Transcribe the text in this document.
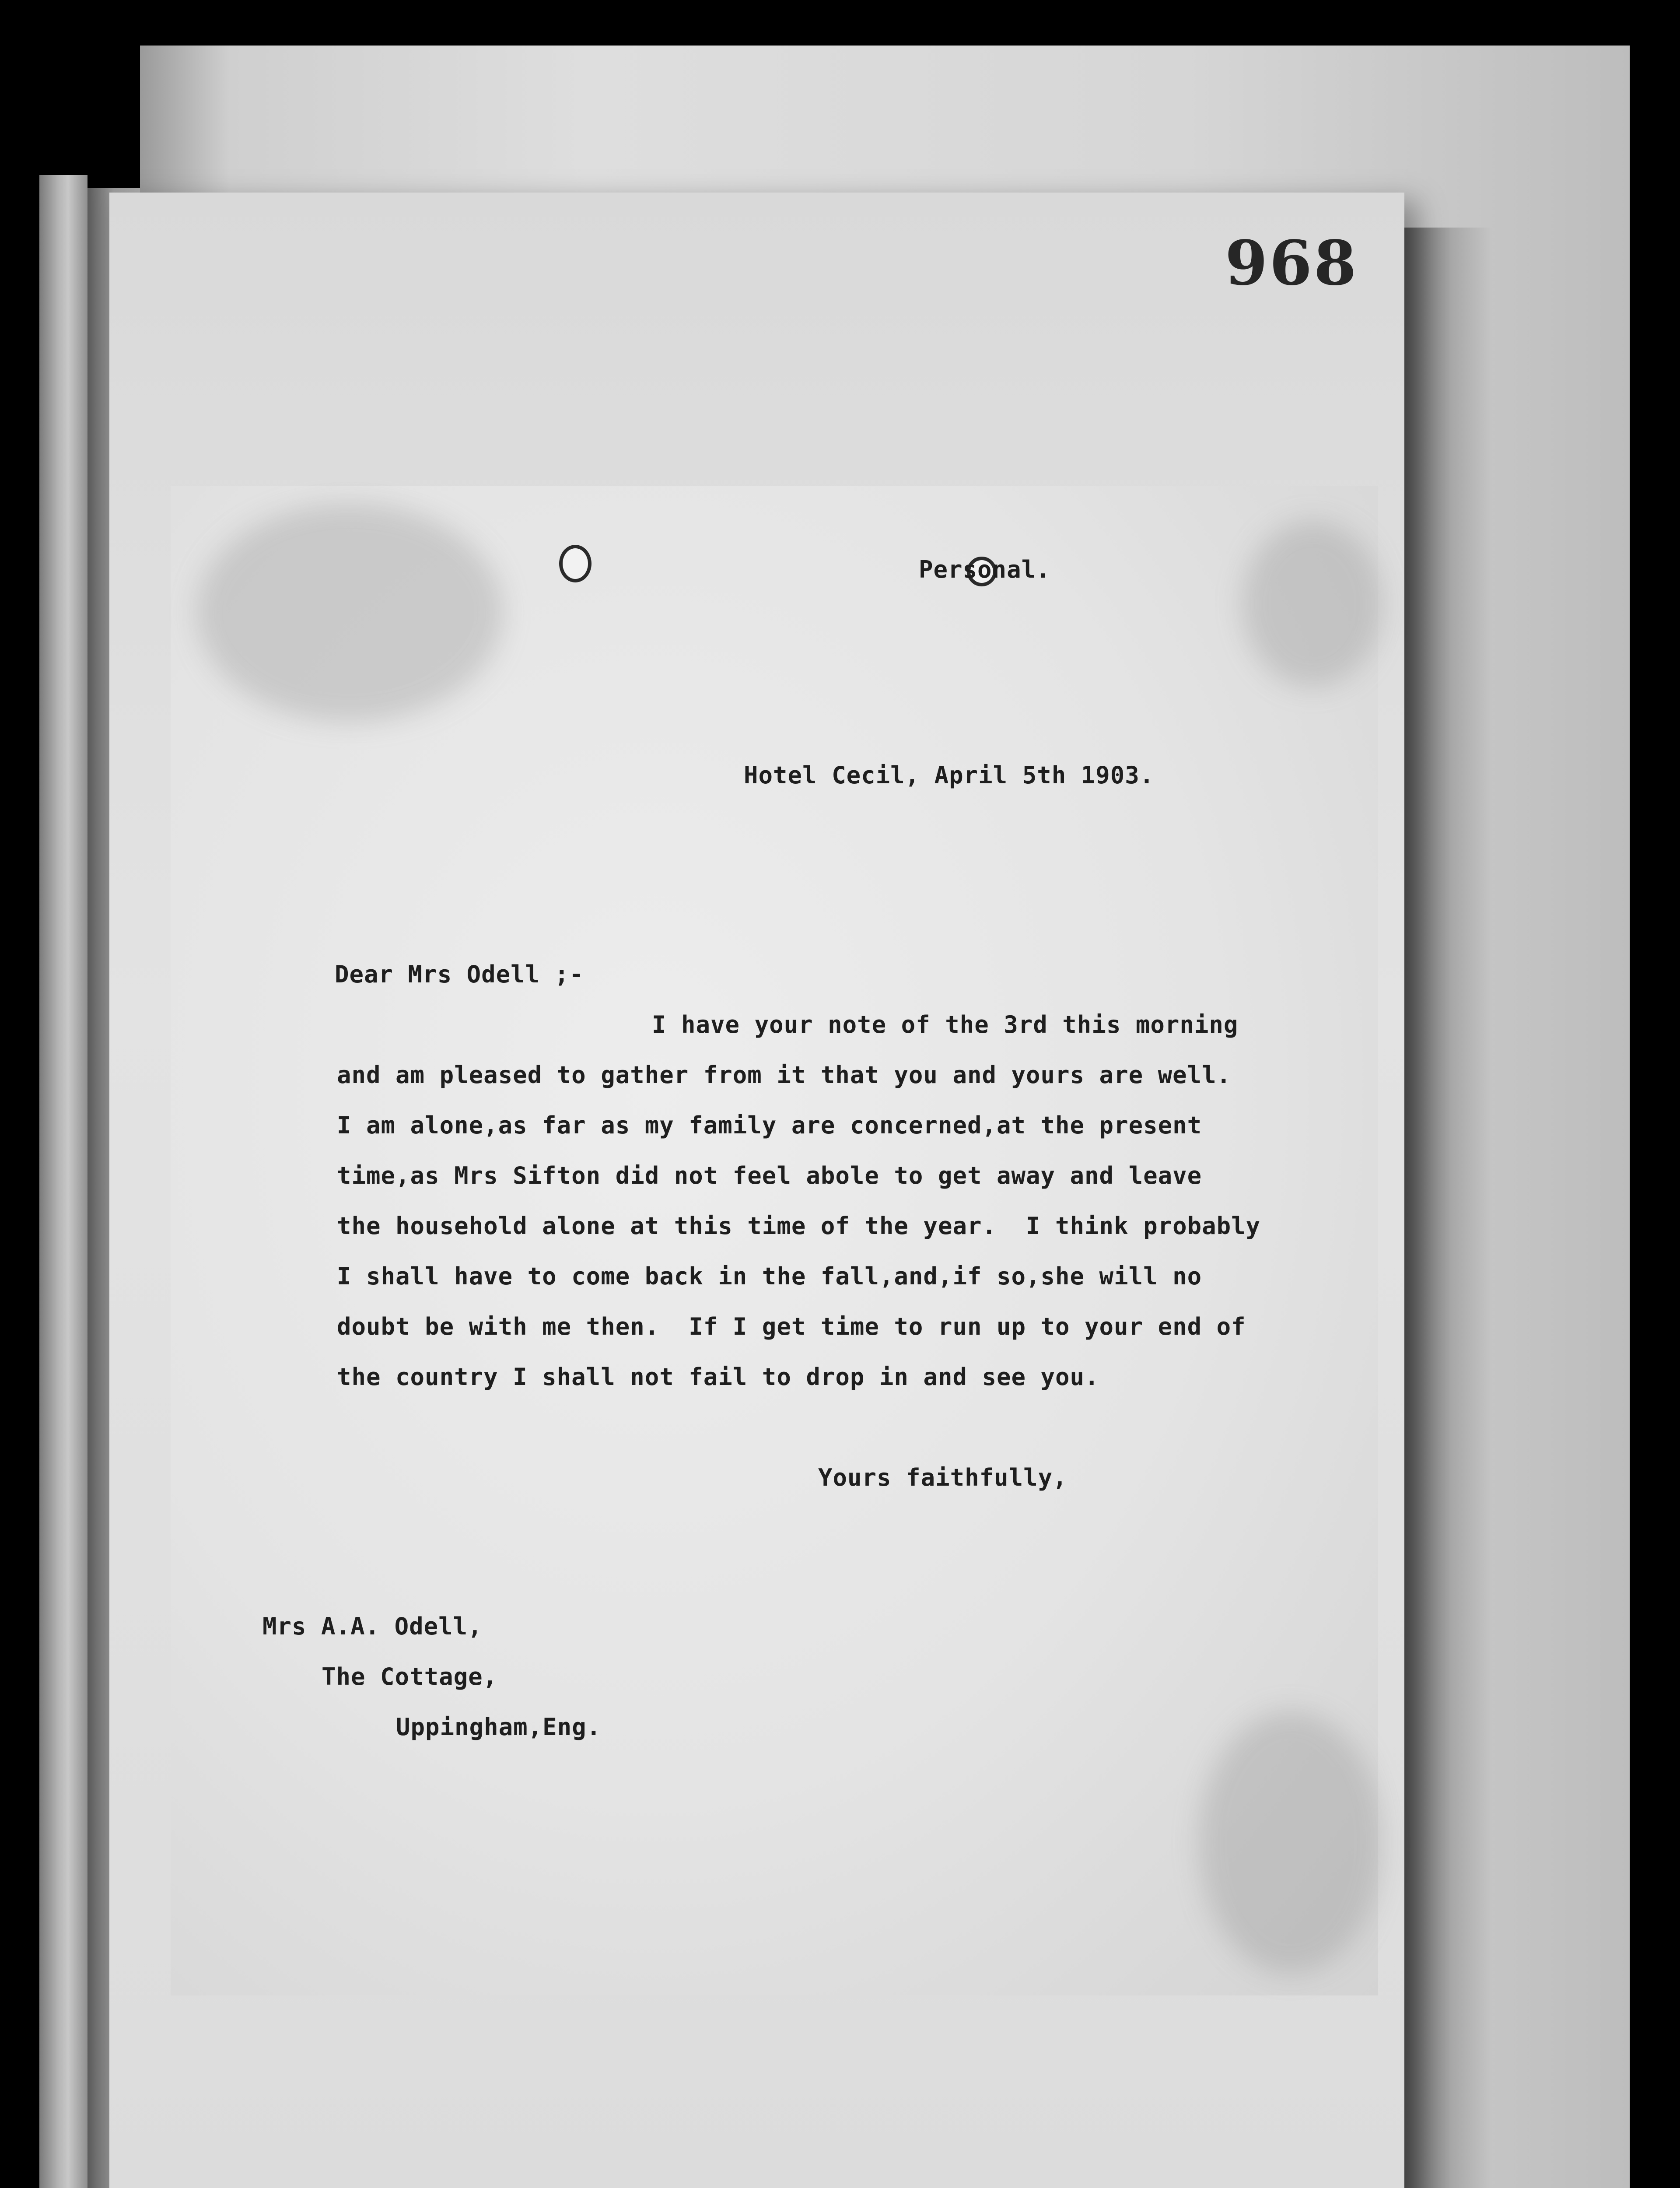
968
Personal.
Hotel Cecil, April 5th 1903.
Dear Mrs Odell ;-
I have your note of the 3rd this morning
and am pleased to gather from it that you and yours are well.
I am alone,as far as my family are concerned,at the present
time,as Mrs Sifton did not feel abole to get away and leave
the household alone at this time of the year.  I think probably
I shall have to come back in the fall,and,if so,she will no
doubt be with me then.  If I get time to run up to your end of
the country I shall not fail to drop in and see you.
Yours faithfully,
Mrs A.A. Odell,
The Cottage,
Uppingham,Eng.
